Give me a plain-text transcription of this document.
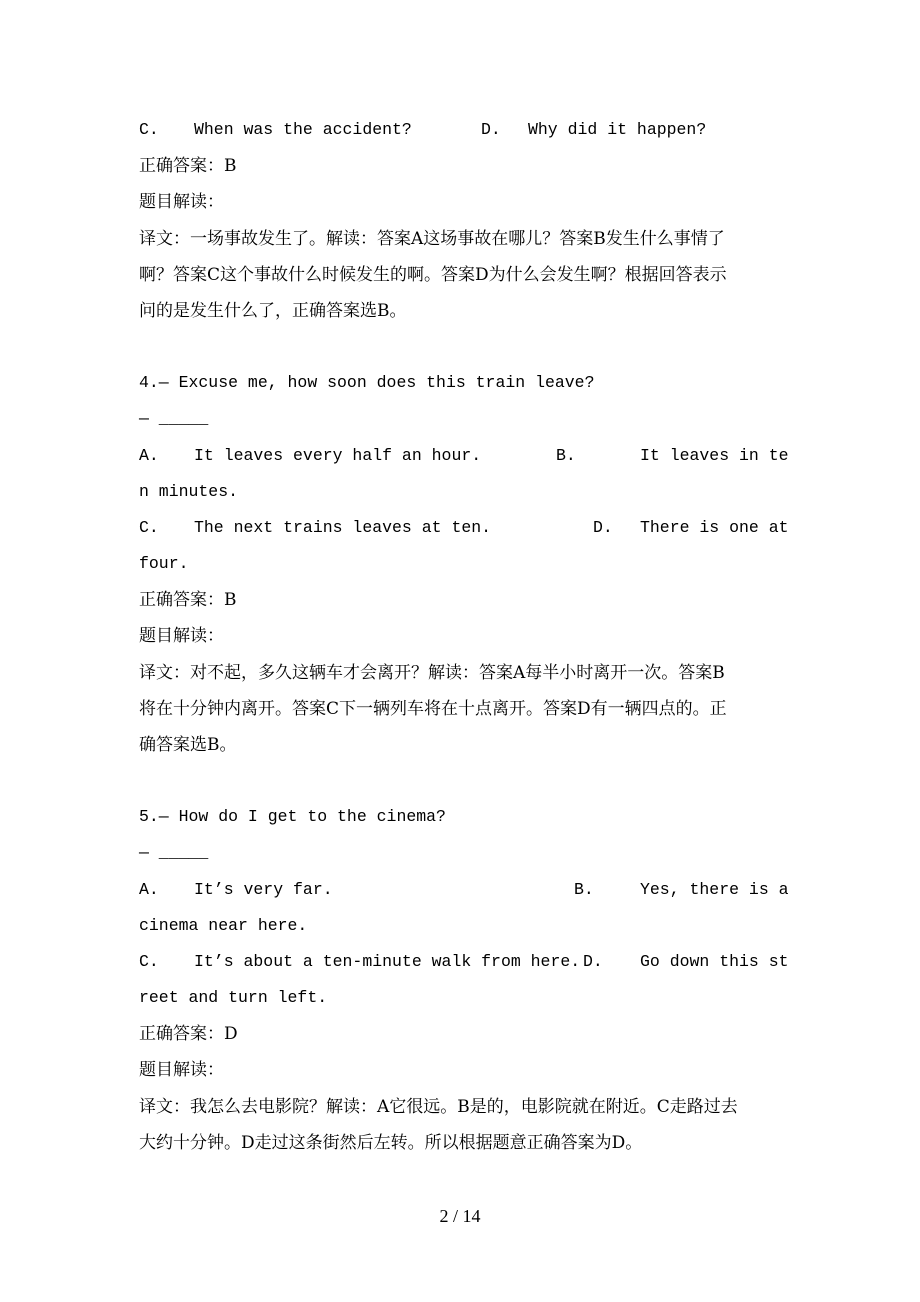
C. When was the accident?	D. Why did it happen?
正确答案：B
题目解读：
译文：一场事故发生了。解读：答案A这场事故在哪儿？答案B发生什么事情了
啊？答案C这个事故什么时候发生的啊。答案D为什么会发生啊？根据回答表示
问的是发生什么了，正确答案选B。
4.— Excuse me, how soon does this train leave?
— _____
A. It leaves every half an hour.	B.	It leaves in te
n minutes.
C. The next trains leaves at ten.	D. There is one at
four.
正确答案：B
题目解读：
译文：对不起，多久这辆车才会离开？解读：答案A每半小时离开一次。答案B
将在十分钟内离开。答案C下一辆列车将在十点离开。答案D有一辆四点的。正
确答案选B。
5.— How do I get to the cinema?
— _____
A. It’s very far.	B.	Yes, there is a
cinema near here.
C. It’s about a ten-minute walk from here. D. Go down this st
reet and turn left.
正确答案：D
题目解读：
译文：我怎么去电影院？解读：A它很远。B是的，电影院就在附近。C走路过去
大约十分钟。D走过这条街然后左转。所以根据题意正确答案为D。
2 / 14
